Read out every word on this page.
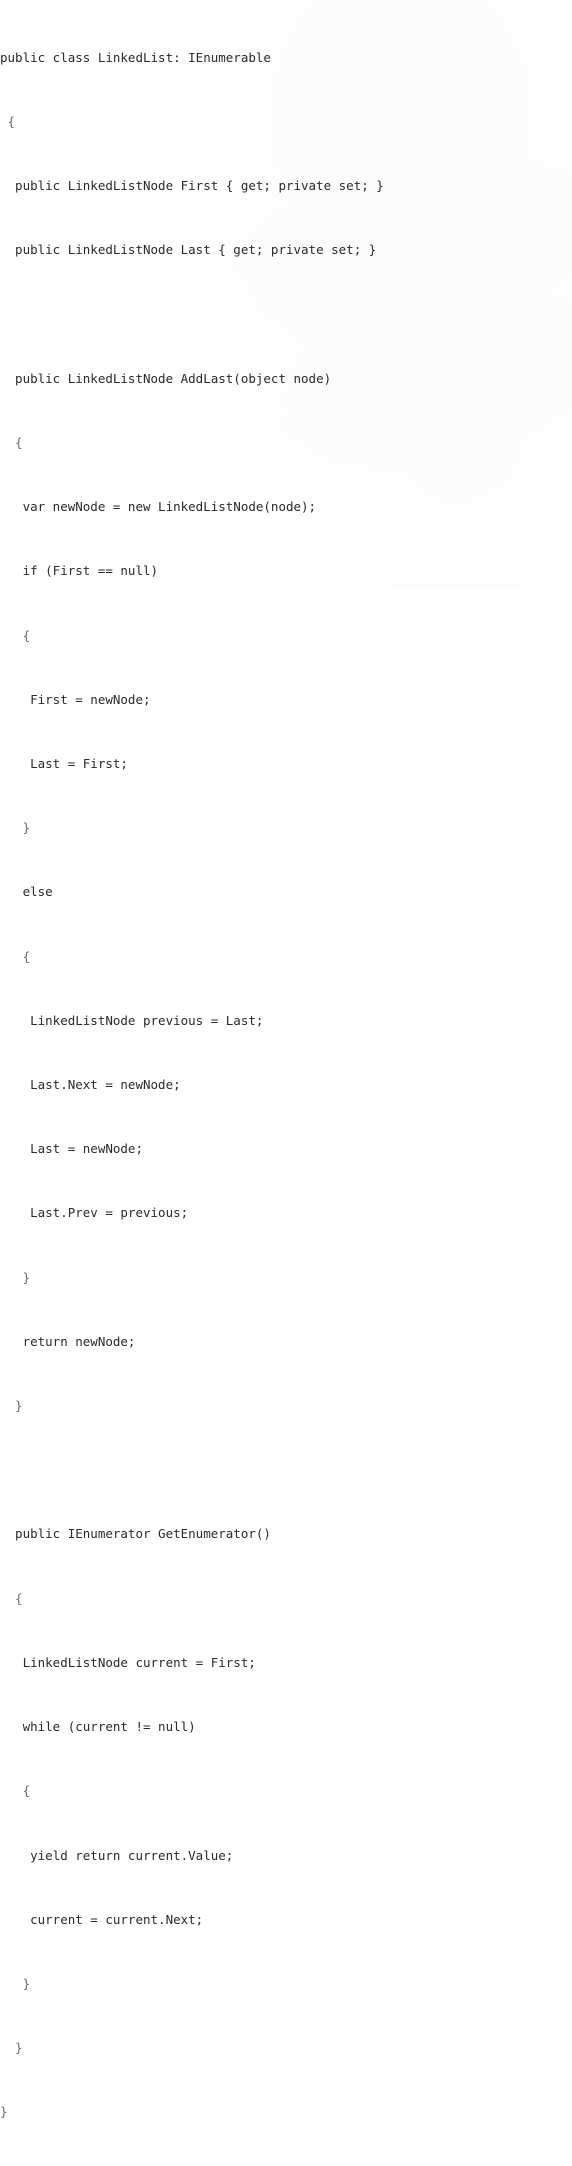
public class LinkedList: IEnumerable

{

public LinkedListNode First { get; private set; }

public LinkedListNode Last { get; private set; }

public LinkedListNode AddLast(object node)

{

var newNode = new LinkedListNode(node);

if (First == null)

{

First = newNode;

Last = First;

}

else

{

LinkedListNode previous = Last;

Last.Next = newNode;

Last = newNode;

Last.Prev = previous;

}

return newNode;

}

public IEnumerator GetEnumerator()

{

LinkedListNode current = First;

while (current != null)

{

yield return current.Value;

current = current.Next;

}

}

}
